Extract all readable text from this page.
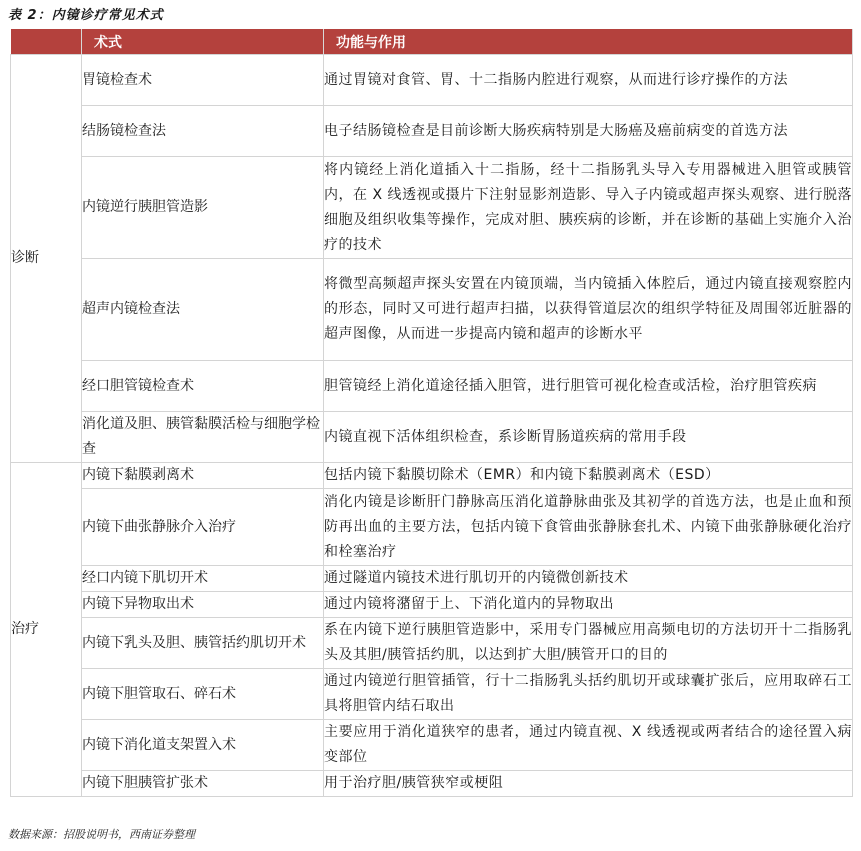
表 2：内镜诊疗常见术式
	术式	功能与作用
诊断	胃镜检查术	通过胃镜对食管、胃、十二指肠内腔进行观察，从而进行诊疗操作的方法
	结肠镜检查法	电子结肠镜检查是目前诊断大肠疾病特别是大肠癌及癌前病变的首选方法
	内镜逆行胰胆管造影	将内镜经上消化道插入十二指肠，经十二指肠乳头导入专用器械进入胆管或胰管内，在 X 线透视或摄片下注射显影剂造影、导入子内镜或超声探头观察、进行脱落细胞及组织收集等操作，完成对胆、胰疾病的诊断，并在诊断的基础上实施介入治疗的技术
	超声内镜检查法	将微型高频超声探头安置在内镜顶端，当内镜插入体腔后，通过内镜直接观察腔内的形态，同时又可进行超声扫描，以获得管道层次的组织学特征及周围邻近脏器的超声图像，从而进一步提高内镜和超声的诊断水平
	经口胆管镜检查术	胆管镜经上消化道途径插入胆管，进行胆管可视化检查或活检，治疗胆管疾病
	消化道及胆、胰管黏膜活检与细胞学检查	内镜直视下活体组织检查，系诊断胃肠道疾病的常用手段
治疗	内镜下黏膜剥离术	包括内镜下黏膜切除术（EMR）和内镜下黏膜剥离术（ESD）
	内镜下曲张静脉介入治疗	消化内镜是诊断肝门静脉高压消化道静脉曲张及其初学的首选方法，也是止血和预防再出血的主要方法，包括内镜下食管曲张静脉套扎术、内镜下曲张静脉硬化治疗和栓塞治疗
	经口内镜下肌切开术	通过隧道内镜技术进行肌切开的内镜微创新技术
	内镜下异物取出术	通过内镜将潴留于上、下消化道内的异物取出
	内镜下乳头及胆、胰管括约肌切开术	系在内镜下逆行胰胆管造影中，采用专门器械应用高频电切的方法切开十二指肠乳头及其胆/胰管括约肌，以达到扩大胆/胰管开口的目的
	内镜下胆管取石、碎石术	通过内镜逆行胆管插管，行十二指肠乳头括约肌切开或球囊扩张后，应用取碎石工具将胆管内结石取出
	内镜下消化道支架置入术	主要应用于消化道狭窄的患者，通过内镜直视、X 线透视或两者结合的途径置入病变部位
	内镜下胆胰管扩张术	用于治疗胆/胰管狭窄或梗阻
数据来源：招股说明书，西南证券整理
